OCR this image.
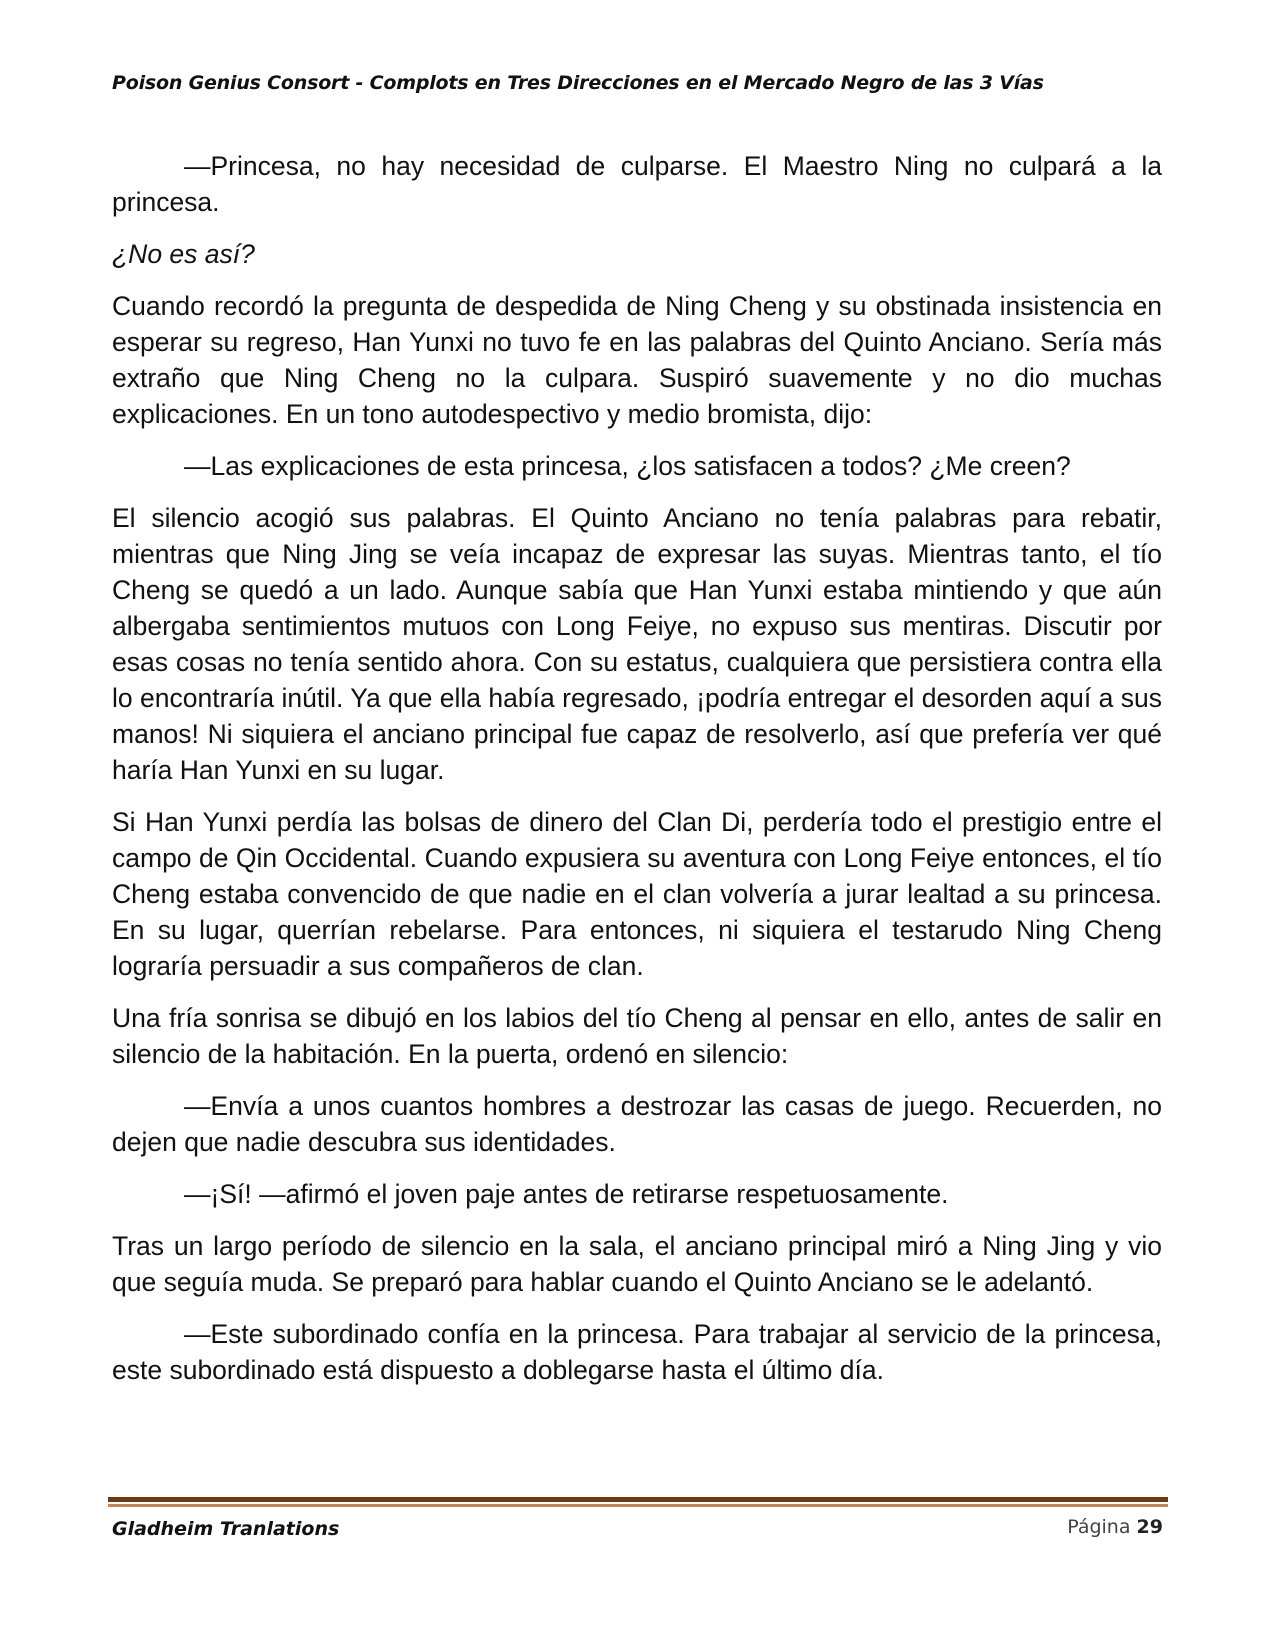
Poison Genius Consort - Complots en Tres Direcciones en el Mercado Negro de las 3 Vías

—Princesa, no hay necesidad de culparse. El Maestro Ning no culpará a la princesa.

¿No es así?

Cuando recordó la pregunta de despedida de Ning Cheng y su obstinada insistencia en esperar su regreso, Han Yunxi no tuvo fe en las palabras del Quinto Anciano. Sería más extraño que Ning Cheng no la culpara. Suspiró suavemente y no dio muchas explicaciones. En un tono autodespectivo y medio bromista, dijo:

—Las explicaciones de esta princesa, ¿los satisfacen a todos? ¿Me creen?

El silencio acogió sus palabras. El Quinto Anciano no tenía palabras para rebatir, mientras que Ning Jing se veía incapaz de expresar las suyas. Mientras tanto, el tío Cheng se quedó a un lado. Aunque sabía que Han Yunxi estaba mintiendo y que aún albergaba sentimientos mutuos con Long Feiye, no expuso sus mentiras. Discutir por esas cosas no tenía sentido ahora. Con su estatus, cualquiera que persistiera contra ella lo encontraría inútil. Ya que ella había regresado, ¡podría entregar el desorden aquí a sus manos! Ni siquiera el anciano principal fue capaz de resolverlo, así que prefería ver qué haría Han Yunxi en su lugar.

Si Han Yunxi perdía las bolsas de dinero del Clan Di, perdería todo el prestigio entre el campo de Qin Occidental. Cuando expusiera su aventura con Long Feiye entonces, el tío Cheng estaba convencido de que nadie en el clan volvería a jurar lealtad a su princesa. En su lugar, querrían rebelarse. Para entonces, ni siquiera el testarudo Ning Cheng lograría persuadir a sus compañeros de clan.

Una fría sonrisa se dibujó en los labios del tío Cheng al pensar en ello, antes de salir en silencio de la habitación. En la puerta, ordenó en silencio:

—Envía a unos cuantos hombres a destrozar las casas de juego. Recuerden, no dejen que nadie descubra sus identidades.

—¡Sí! —afirmó el joven paje antes de retirarse respetuosamente.

Tras un largo período de silencio en la sala, el anciano principal miró a Ning Jing y vio que seguía muda. Se preparó para hablar cuando el Quinto Anciano se le adelantó.

—Este subordinado confía en la princesa. Para trabajar al servicio de la princesa, este subordinado está dispuesto a doblegarse hasta el último día.

Gladheim Tranlations	Página 29
